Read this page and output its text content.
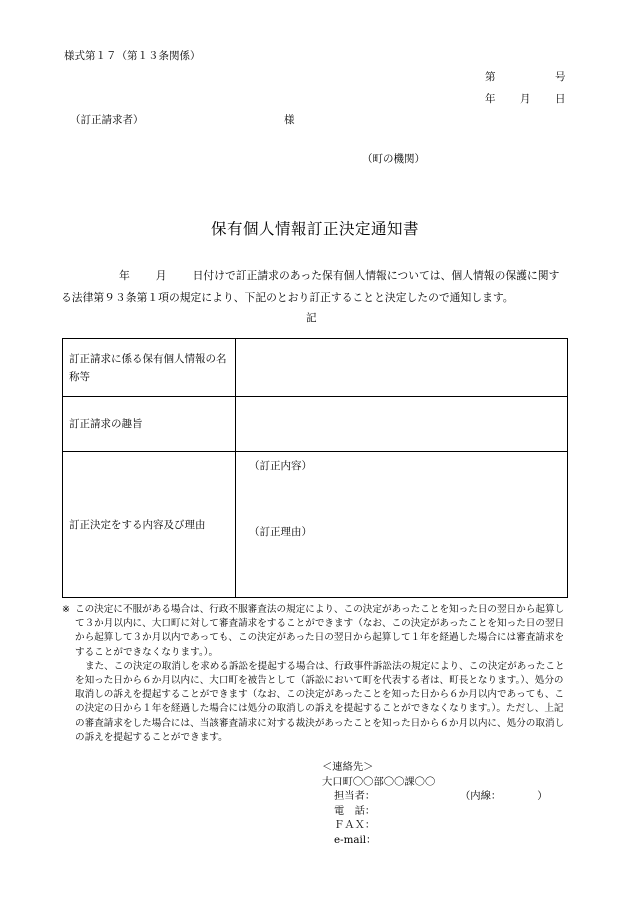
様式第１７（第１３条関係）
第	号
年 月 日
（訂正請求者）	様
（町の機関）
保有個人情報訂正決定通知書
年 月 日付けで訂正請求のあった保有個人情報については、個人情報の保護に関する法律第９３条第１項の規定により、下記のとおり訂正することと決定したので通知します。
記
訂正請求に係る保有個人情報の名称等	
訂正請求の趣旨	
訂正決定をする内容及び理由	（訂正内容）
（訂正理由）
※ この決定に不服がある場合は、行政不服審査法の規定により、この決定があったことを知った日の翌日から起算して３か月以内に、大口町に対して審査請求をすることができます（なお、この決定があったことを知った日の翌日から起算して３か月以内であっても、この決定があった日の翌日から起算して１年を経過した場合には審査請求をすることができなくなります。）。
また、この決定の取消しを求める訴訟を提起する場合は、行政事件訴訟法の規定により、この決定があったことを知った日から６か月以内に、大口町を被告として（訴訟において町を代表する者は、町長となります。）、処分の取消しの訴えを提起することができます（なお、この決定があったことを知った日から６か月以内であっても、この決定の日から１年を経過した場合には処分の取消しの訴えを提起することができなくなります。）。ただし、上記の審査請求をした場合には、当該審査請求に対する裁決があったことを知った日から６か月以内に、処分の取消しの訴えを提起することができます。
＜連絡先＞
大口町〇〇部〇〇課〇〇
担当者：	（内線：　　　　）
電　話：
ＦＡＸ：
e-mail：
